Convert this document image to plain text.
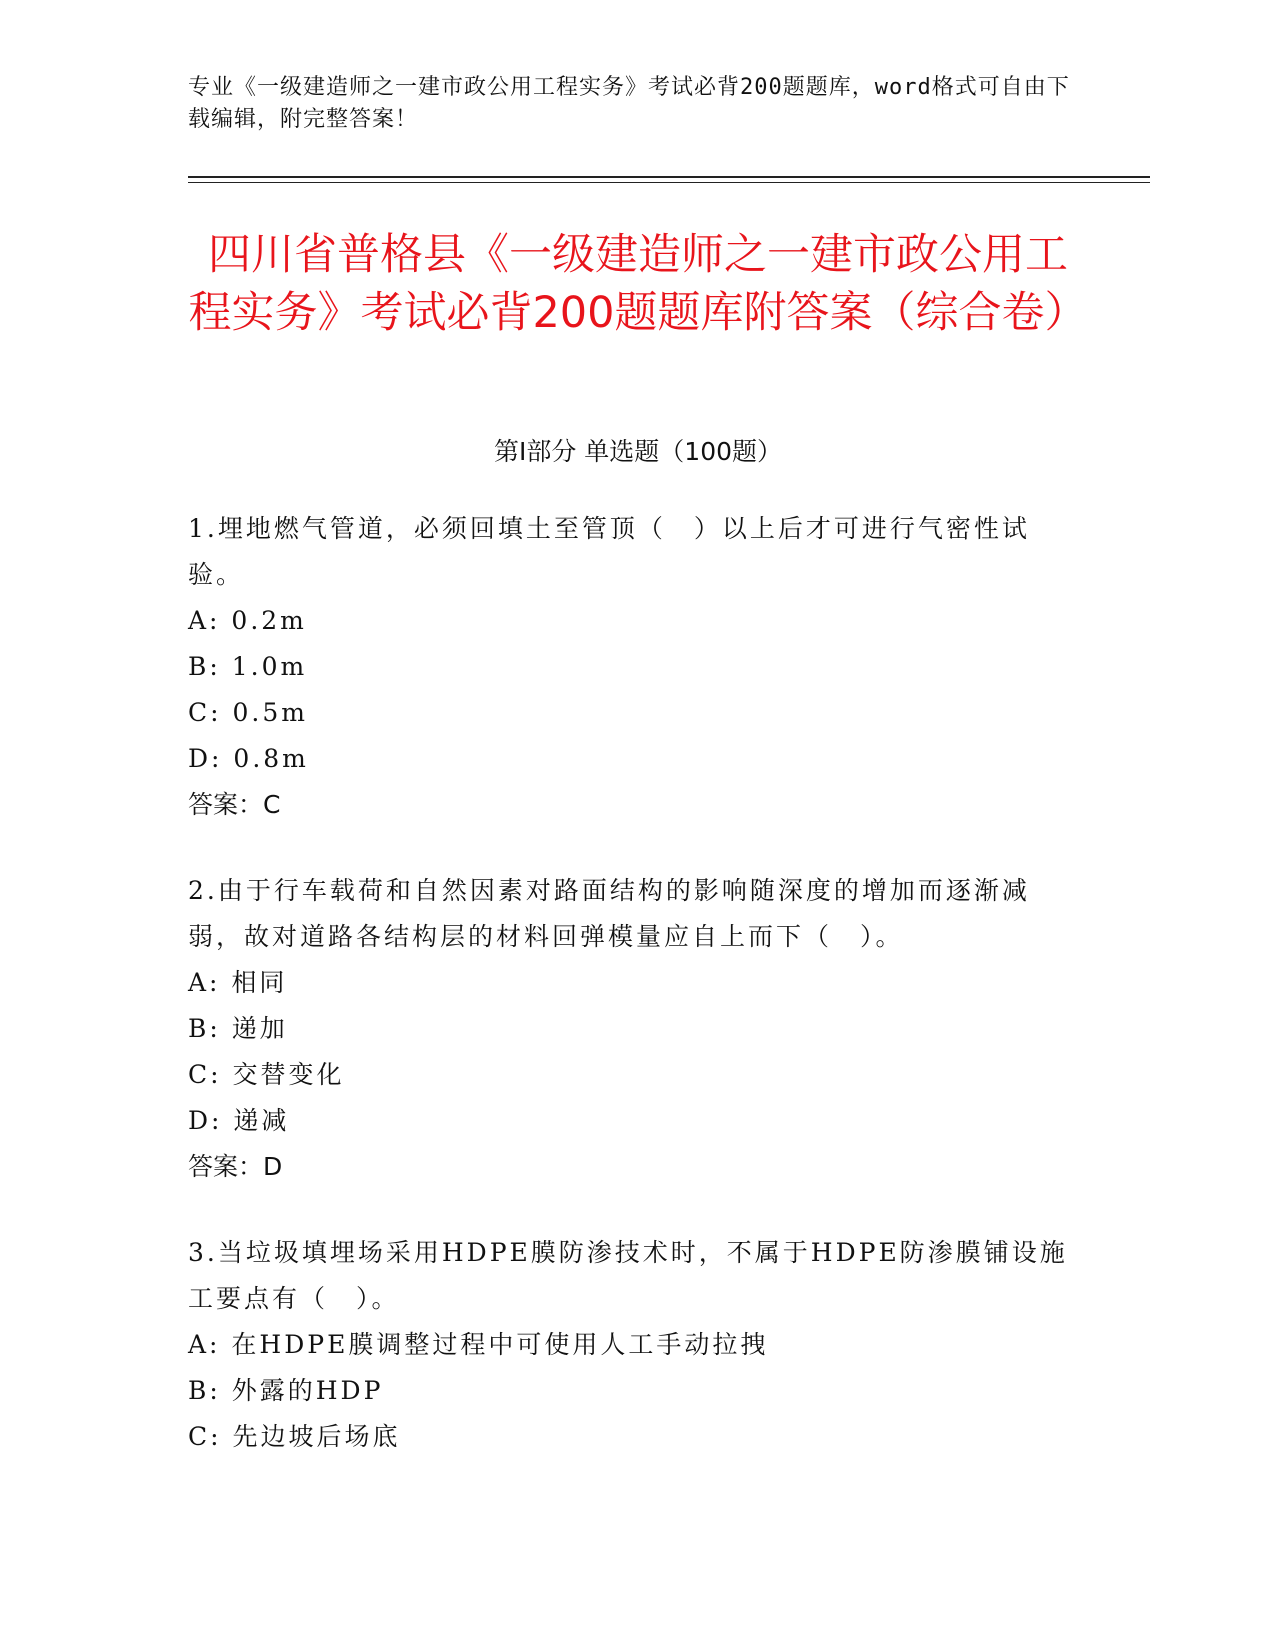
专业《一级建造师之一建市政公用工程实务》考试必背200题题库，word格式可自由下载编辑，附完整答案！
四川省普格县《一级建造师之一建市政公用工程实务》考试必背200题题库附答案（综合卷）
第I部分 单选题（100题）

1.埋地燃气管道，必须回填土至管顶（　）以上后才可进行气密性试验。

A: 0.2m

B: 1.0m

C: 0.5m

D: 0.8m

答案：C

2.由于行车载荷和自然因素对路面结构的影响随深度的增加而逐渐减弱，故对道路各结构层的材料回弹模量应自上而下（　）。

A: 相同

B: 递加

C: 交替变化

D: 递减

答案：D

3.当垃圾填埋场采用HDPE膜防渗技术时，不属于HDPE防渗膜铺设施工要点有（　）。

A: 在HDPE膜调整过程中可使用人工手动拉拽

B: 外露的HDP

C: 先边坡后场底
